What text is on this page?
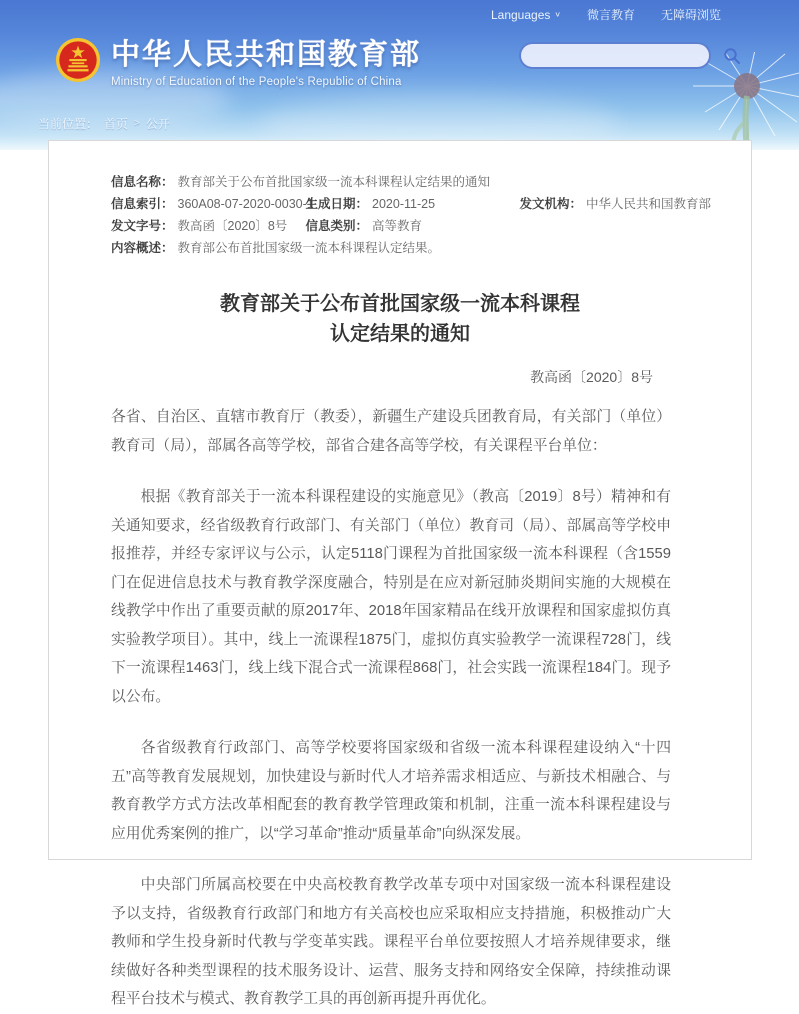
Languages ∨ 微言教育 无障碍浏览
中华人民共和国教育部
Ministry of Education of the People's Republic of China
当前位置： 首页 > 公开
信息名称： 教育部关于公布首批国家级一流本科课程认定结果的通知
信息索引： 360A08-07-2020-0030-1
生成日期： 2020-11-25	发文机构： 中华人民共和国教育部
发文字号： 教高函〔2020〕8号	信息类别： 高等教育
内容概述： 教育部公布首批国家级一流本科课程认定结果。
教育部关于公布首批国家级一流本科课程
认定结果的通知
教高函〔2020〕8号

各省、自治区、直辖市教育厅（教委），新疆生产建设兵团教育局，有关部门（单位）教育司（局），部属各高等学校，部省合建各高等学校，有关课程平台单位：

根据《教育部关于一流本科课程建设的实施意见》（教高〔2019〕8号）精神和有关通知要求，经省级教育行政部门、有关部门（单位）教育司（局）、部属高等学校申报推荐，并经专家评议与公示，认定5118门课程为首批国家级一流本科课程（含1559门在促进信息技术与教育教学深度融合，特别是在应对新冠肺炎期间实施的大规模在线教学中作出了重要贡献的原2017年、2018年国家精品在线开放课程和国家虚拟仿真实验教学项目）。其中，线上一流课程1875门，虚拟仿真实验教学一流课程728门，线下一流课程1463门，线上线下混合式一流课程868门，社会实践一流课程184门。现予以公布。

各省级教育行政部门、高等学校要将国家级和省级一流本科课程建设纳入“十四五”高等教育发展规划，加快建设与新时代人才培养需求相适应、与新技术相融合、与教育教学方式方法改革相配套的教育教学管理政策和机制，注重一流本科课程建设与应用优秀案例的推广，以“学习革命”推动“质量革命”向纵深发展。

中央部门所属高校要在中央高校教育教学改革专项中对国家级一流本科课程建设予以支持，省级教育行政部门和地方有关高校也应采取相应支持措施，积极推动广大教师和学生投身新时代教与学变革实践。课程平台单位要按照人才培养规律要求，继续做好各种类型课程的技术服务设计、运营、服务支持和网络安全保障，持续推动课程平台技术与模式、教育教学工具的再创新再提升再优化。
